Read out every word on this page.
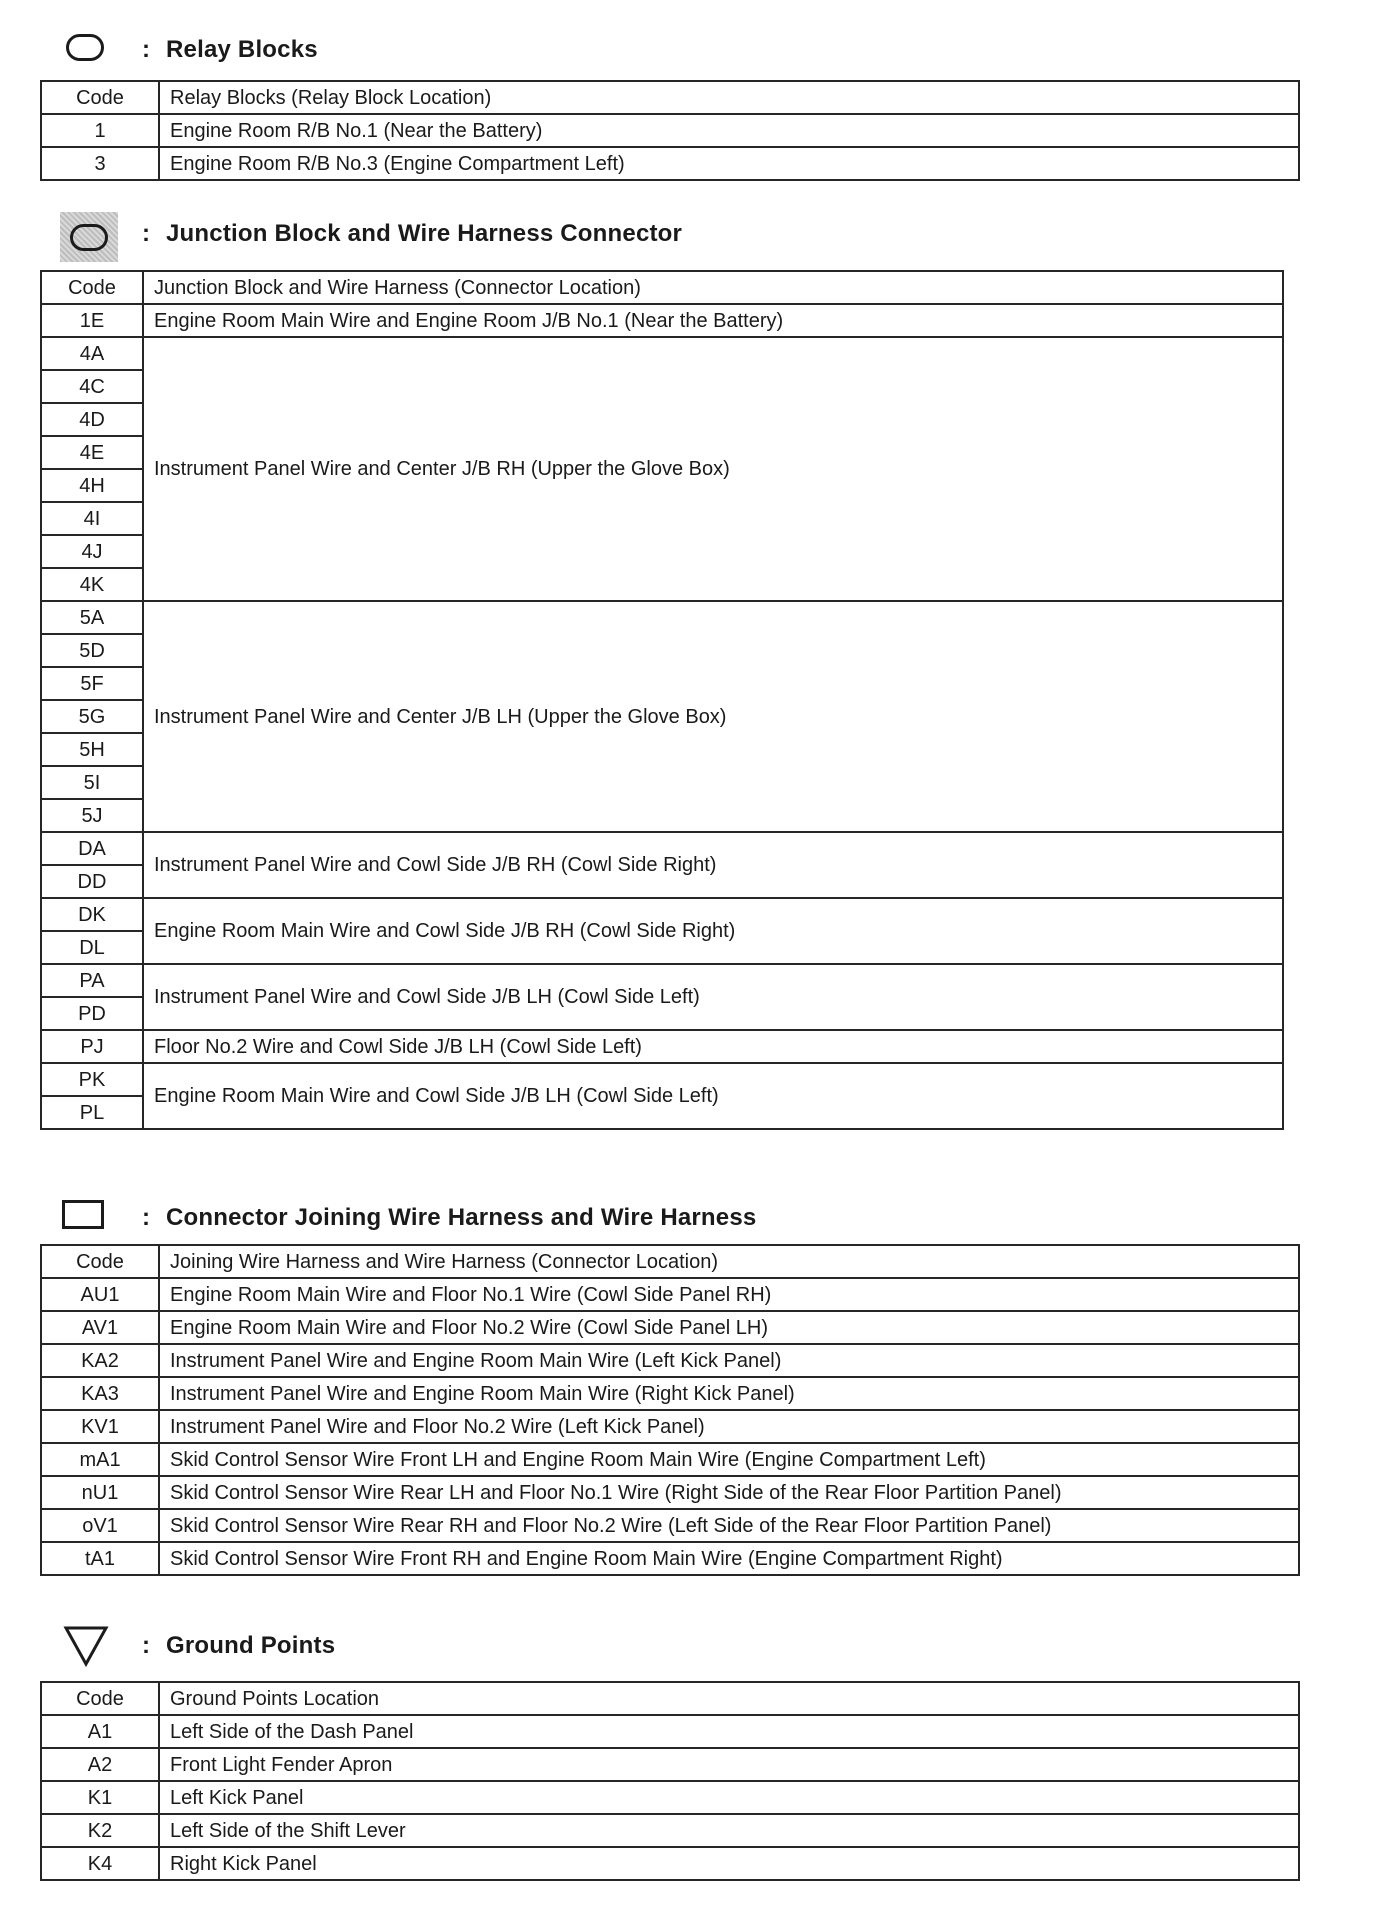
: Relay Blocks
Code	Relay Blocks (Relay Block Location)
1	Engine Room R/B No.1 (Near the Battery)
3	Engine Room R/B No.3 (Engine Compartment Left)
: Junction Block and Wire Harness Connector
Code	Junction Block and Wire Harness (Connector Location)
1E	Engine Room Main Wire and Engine Room J/B No.1 (Near the Battery)
4A	Instrument Panel Wire and Center J/B RH (Upper the Glove Box)
4C	
4D	
4E	
4H	
4I	
4J	
4K	
5A	Instrument Panel Wire and Center J/B LH (Upper the Glove Box)
5D	
5F	
5G	
5H	
5I	
5J	
DA	Instrument Panel Wire and Cowl Side J/B RH (Cowl Side Right)
DD	
DK	Engine Room Main Wire and Cowl Side J/B RH (Cowl Side Right)
DL	
PA	Instrument Panel Wire and Cowl Side J/B LH (Cowl Side Left)
PD	
PJ	Floor No.2 Wire and Cowl Side J/B LH (Cowl Side Left)
PK	Engine Room Main Wire and Cowl Side J/B LH (Cowl Side Left)
PL	
: Connector Joining Wire Harness and Wire Harness
Code	Joining Wire Harness and Wire Harness (Connector Location)
AU1	Engine Room Main Wire and Floor No.1 Wire (Cowl Side Panel RH)
AV1	Engine Room Main Wire and Floor No.2 Wire (Cowl Side Panel LH)
KA2	Instrument Panel Wire and Engine Room Main Wire (Left Kick Panel)
KA3	Instrument Panel Wire and Engine Room Main Wire (Right Kick Panel)
KV1	Instrument Panel Wire and Floor No.2 Wire (Left Kick Panel)
mA1	Skid Control Sensor Wire Front LH and Engine Room Main Wire (Engine Compartment Left)
nU1	Skid Control Sensor Wire Rear LH and Floor No.1 Wire (Right Side of the Rear Floor Partition Panel)
oV1	Skid Control Sensor Wire Rear RH and Floor No.2 Wire (Left Side of the Rear Floor Partition Panel)
tA1	Skid Control Sensor Wire Front RH and Engine Room Main Wire (Engine Compartment Right)
: Ground Points
Code	Ground Points Location
A1	Left Side of the Dash Panel
A2	Front Light Fender Apron
K1	Left Kick Panel
K2	Left Side of the Shift Lever
K4	Right Kick Panel
